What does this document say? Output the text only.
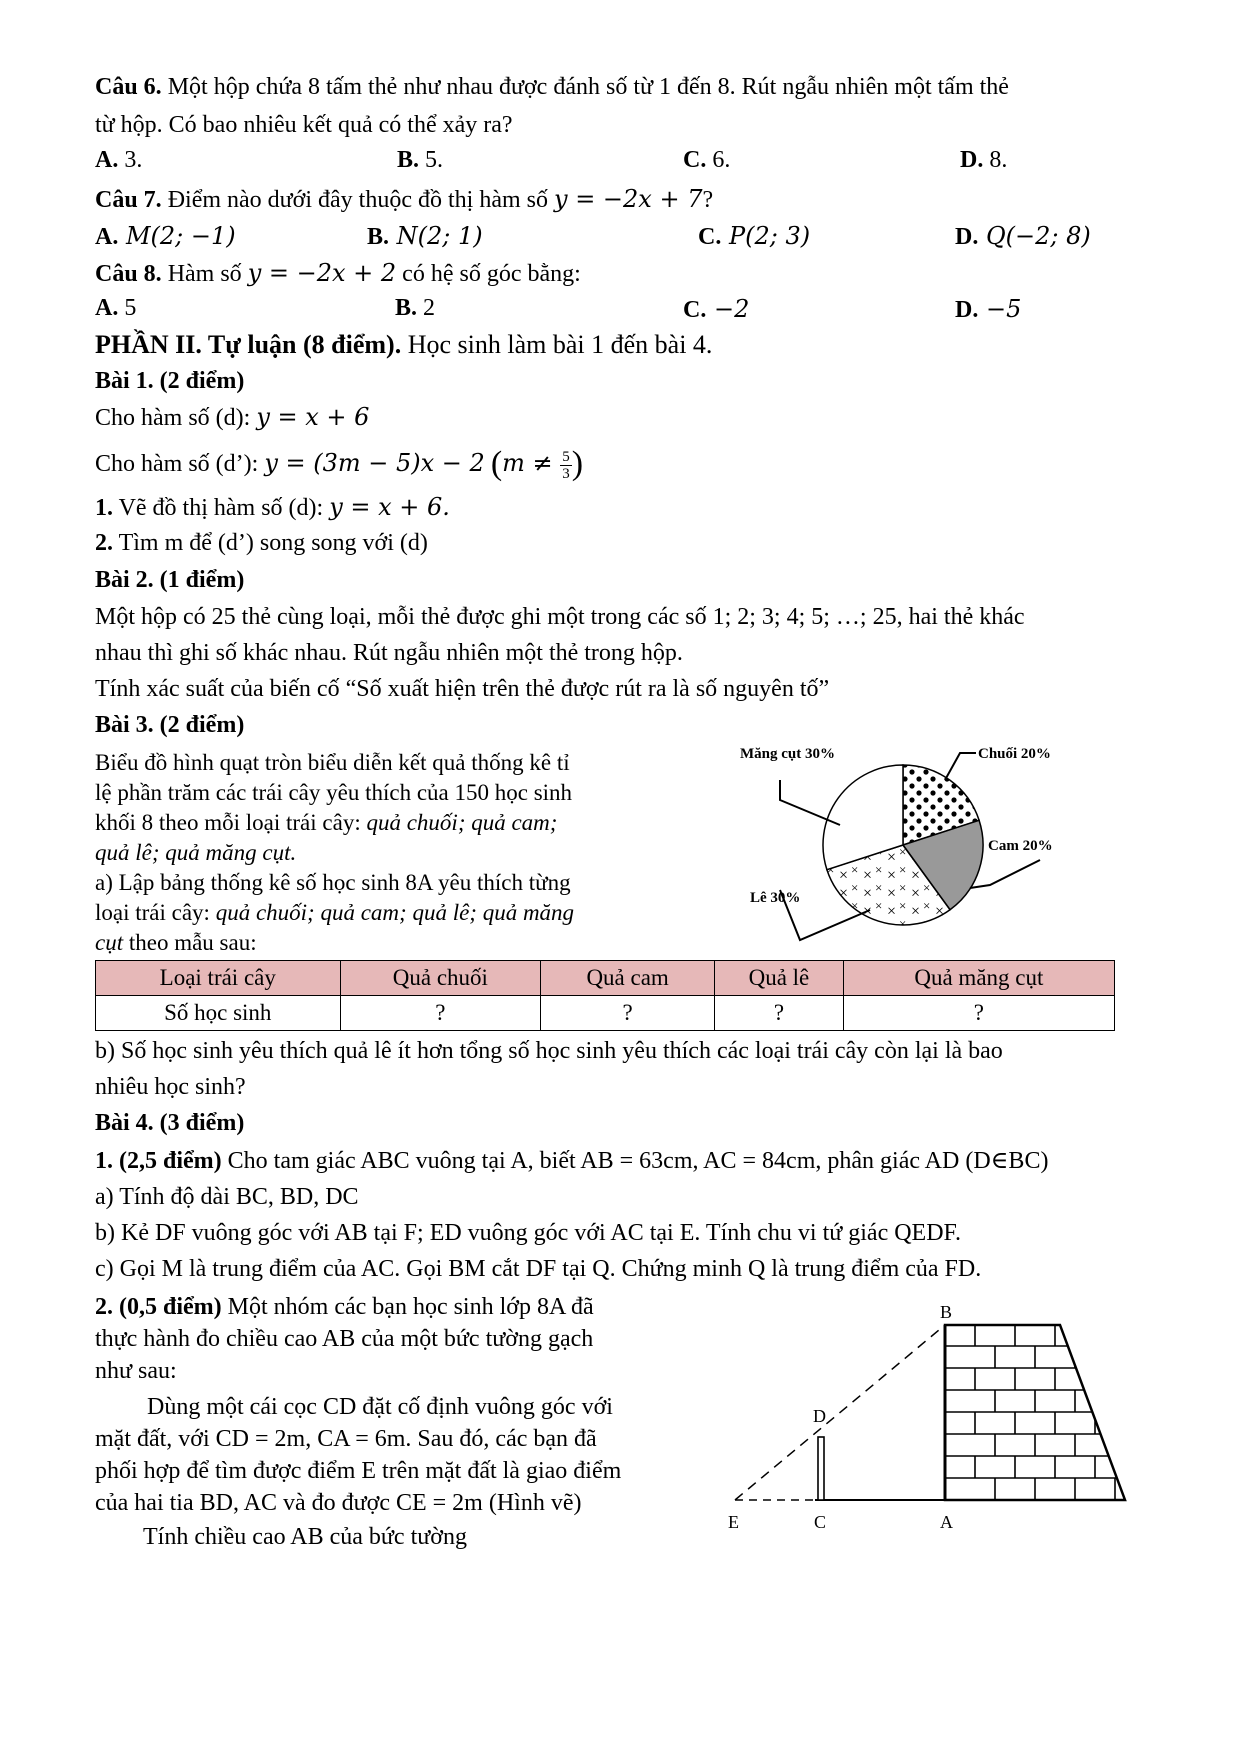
Câu 6. Một hộp chứa 8 tấm thẻ như nhau được đánh số từ 1 đến 8. Rút ngẫu nhiên một tấm thẻ
từ hộp. Có bao nhiêu kết quả có thể xảy ra?
A. 3.	B. 5.	C. 6.	D. 8.
Câu 7. Điểm nào dưới đây thuộc đồ thị hàm số y = −2x + 7?
A. M(2; −1)	B. N(2; 1)	C. P(2; 3)	D. Q(−2; 8)
Câu 8. Hàm số y = −2x + 2 có hệ số góc bằng:
A. 5	B. 2	C. −2	D. −5
PHẦN II. Tự luận (8 điểm). Học sinh làm bài 1 đến bài 4.
Bài 1. (2 điểm)
Cho hàm số (d): y = x + 6
Cho hàm số (d’): y = (3m − 5)x − 2 ($m \ne \frac{5}{3}$ )
1. Vẽ đồ thị hàm số (d): y = x + 6.
2. Tìm m để (d’) song song với (d)
Bài 2. (1 điểm)
Một hộp có 25 thẻ cùng loại, mỗi thẻ được ghi một trong các số 1; 2; 3; 4; 5; …; 25, hai thẻ khác
nhau thì ghi số khác nhau. Rút ngẫu nhiên một thẻ trong hộp.
Tính xác suất của biến cố “Số xuất hiện trên thẻ được rút ra là số nguyên tố”
Bài 3. (2 điểm)
Biểu đồ hình quạt tròn biểu diễn kết quả thống kê tỉ
lệ phần trăm các trái cây yêu thích của 150 học sinh
khối 8 theo mỗi loại trái cây: quả chuối; quả cam;
quả lê; quả măng cụt.
a) Lập bảng thống kê số học sinh 8A yêu thích từng
loại trái cây: quả chuối; quả cam; quả lê; quả măng
cụt theo mẫu sau:
Măng cụt 30%	Chuối 20%
Cam 20%
Lê 30%
Loại trái cây	Quả chuối	Quả cam	Quả lê	Quả măng cụt
Số học sinh	?	?	?	?
b) Số học sinh yêu thích quả lê ít hơn tổng số học sinh yêu thích các loại trái cây còn lại là bao
nhiêu học sinh?
Bài 4. (3 điểm)
1. (2,5 điểm) Cho tam giác ABC vuông tại A, biết AB = 63cm, AC = 84cm, phân giác AD (D∈BC)
a) Tính độ dài BC, BD, DC
b) Kẻ DF vuông góc với AB tại F; ED vuông góc với AC tại E. Tính chu vi tứ giác QEDF.
c) Gọi M là trung điểm của AC. Gọi BM cắt DF tại Q. Chứng minh Q là trung điểm của FD.
2. (0,5 điểm) Một nhóm các bạn học sinh lớp 8A đã
thực hành đo chiều cao AB của một bức tường gạch
như sau:
Dùng một cái cọc CD đặt cố định vuông góc với
mặt đất, với CD = 2m, CA = 6m. Sau đó, các bạn đã
phối hợp để tìm được điểm E trên mặt đất là giao điểm
của hai tia BD, AC và đo được CE = 2m (Hình vẽ)
Tính chiều cao AB của bức tường
B
D
E	C	A
